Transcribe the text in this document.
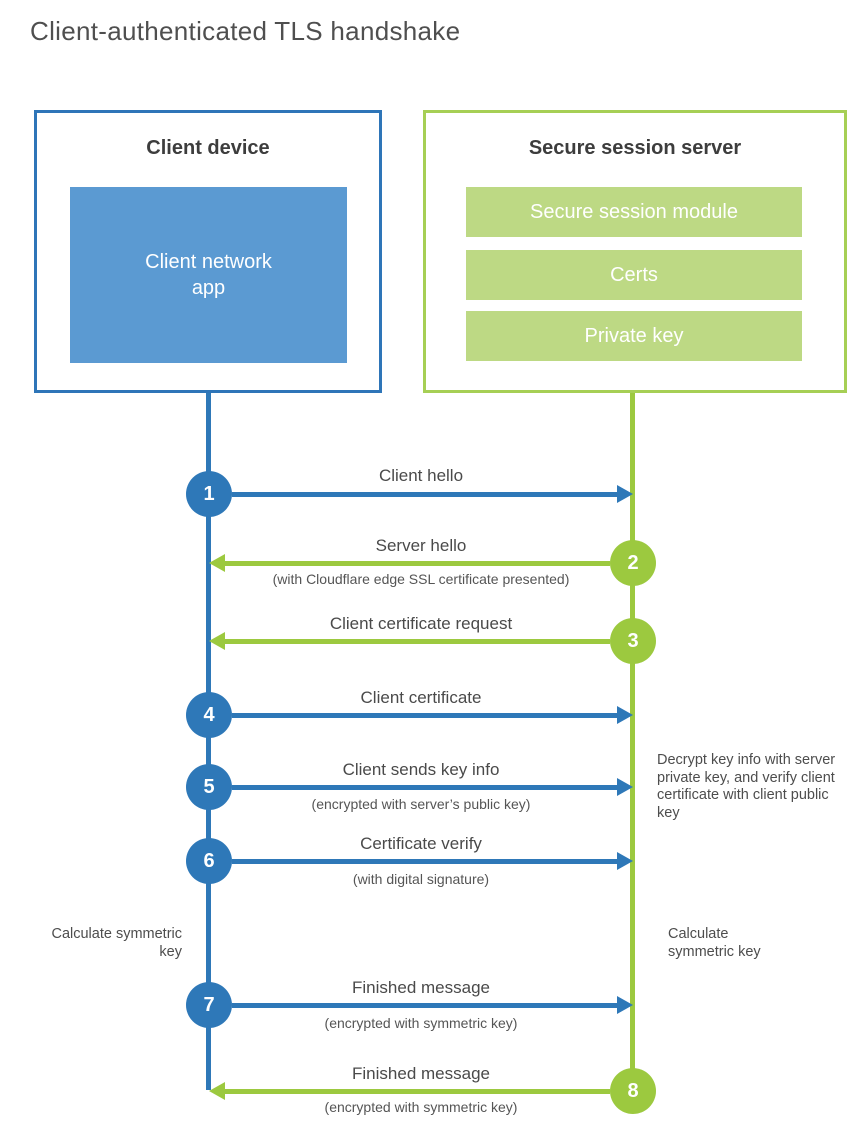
Client-authenticated TLS handshake
Client device
Client network app
Secure session server
Secure session module
Certs
Private key
1
Client hello
2
Server hello
(with Cloudflare edge SSL certificate presented)
3
Client certificate request
4
Client certificate
5
Client sends key info
(encrypted with server’s public key)
6
Certificate verify
(with digital signature)
7
Finished message
(encrypted with symmetric key)
8
Finished message
(encrypted with symmetric key)
Calculate symmetric key
Calculate symmetric key
Decrypt key info with server private key, and verify client certificate with client public key
